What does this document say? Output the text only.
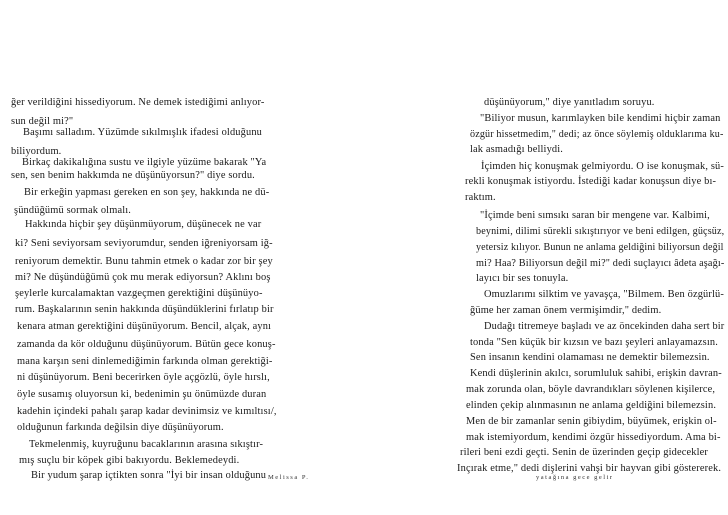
ğer verildiğini hissediyorum. Ne demek istediğimi anlıyor-
sun değil mi?"
Başımı salladım. Yüzümde sıkılmışlık ifadesi olduğunu
biliyordum.
Birkaç dakikalığına sustu ve ilgiyle yüzüme bakarak "Ya
sen, sen benim hakkımda ne düşünüyorsun?" diye sordu.
Bir erkeğin yapması gereken en son şey, hakkında ne dü-
şündüğümü sormak olmalı.
Hakkında hiçbir şey düşünmüyorum, düşünecek ne var
ki? Seni seviyorsam seviyorumdur, senden iğreniyorsam iğ-
reniyorum demektir. Bunu tahmin etmek o kadar zor bir şey
mi? Ne düşündüğümü çok mu merak ediyorsun? Aklını boş
şeylerle kurcalamaktan vazgeçmen gerektiğini düşünüyo-
rum. Başkalarının senin hakkında düşündüklerini fırlatıp bir
kenara atman gerektiğini düşünüyorum. Bencil, alçak, aynı
zamanda da kör olduğunu düşünüyorum. Bütün gece konuş-
mana karşın seni dinlemediğimin farkında olman gerektiği-
ni düşünüyorum. Beni becerirken öyle açgözlü, öyle hırslı,
öyle susamış oluyorsun ki, bedenimin şu önümüzde duran
kadehin içindeki pahalı şarap kadar devinimsiz ve kımıltısı/,
olduğunun farkında değilsin diye düşünüyorum.
Tekmelenmiş, kuyruğunu bacaklarının arasına sıkıştır-
mış suçlu bir köpek gibi bakıyordu. Beklemedeydi.
Bir yudum şarap içtikten sonra "İyi bir insan olduğunu Melissa P.
düşünüyorum," diye yanıtladım soruyu.
"Biliyor musun, karımlayken bile kendimi hiçbir zaman
özgür hissetmedim," dedi; az önce söylemiş olduklarıma ku-
lak asmadığı belliydi.
İçimden hiç konuşmak gelmiyordu. O ise konuşmak, sü-
rekli konuşmak istiyordu. İstediği kadar konuşsun diye bı-
raktım.
"İçimde beni sımsıkı saran bir mengene var. Kalbimi,
beynimi, dilimi sürekli sıkıştırıyor ve beni edilgen, güçsüz,
yetersiz kılıyor. Bunun ne anlama geldiğini biliyorsun değil
mi? Haa? Biliyorsun değil mi?" dedi suçlayıcı âdeta aşağı-
layıcı bir ses tonuyla.
Omuzlarımı silktim ve yavaşça, "Bilmem. Ben özgürlü-
ğüme her zaman önem vermişimdir," dedim.
Dudağı titremeye başladı ve az öncekinden daha sert bir
tonda "Sen küçük bir kızsın ve bazı şeyleri anlayamazsın.
Sen insanın kendini olamaması ne demektir bilemezsin.
Kendi düşlerinin akılcı, sorumluluk sahibi, erişkin davran-
mak zorunda olan, böyle davrandıkları söylenen kişilerce,
elinden çekip alınmasının ne anlama geldiğini bilemezsin.
Men de bir zamanlar senin gibiydim, büyümek, erişkin ol-
mak istemiyordum, kendimi özgür hissediyordum. Ama bi-
rileri beni ezdi geçti. Senin de üzerinden geçip gidecekler
Inçırak etme," dedi dişlerini vahşi bir hayvan gibi göstererek.
yatağına gece gelir
